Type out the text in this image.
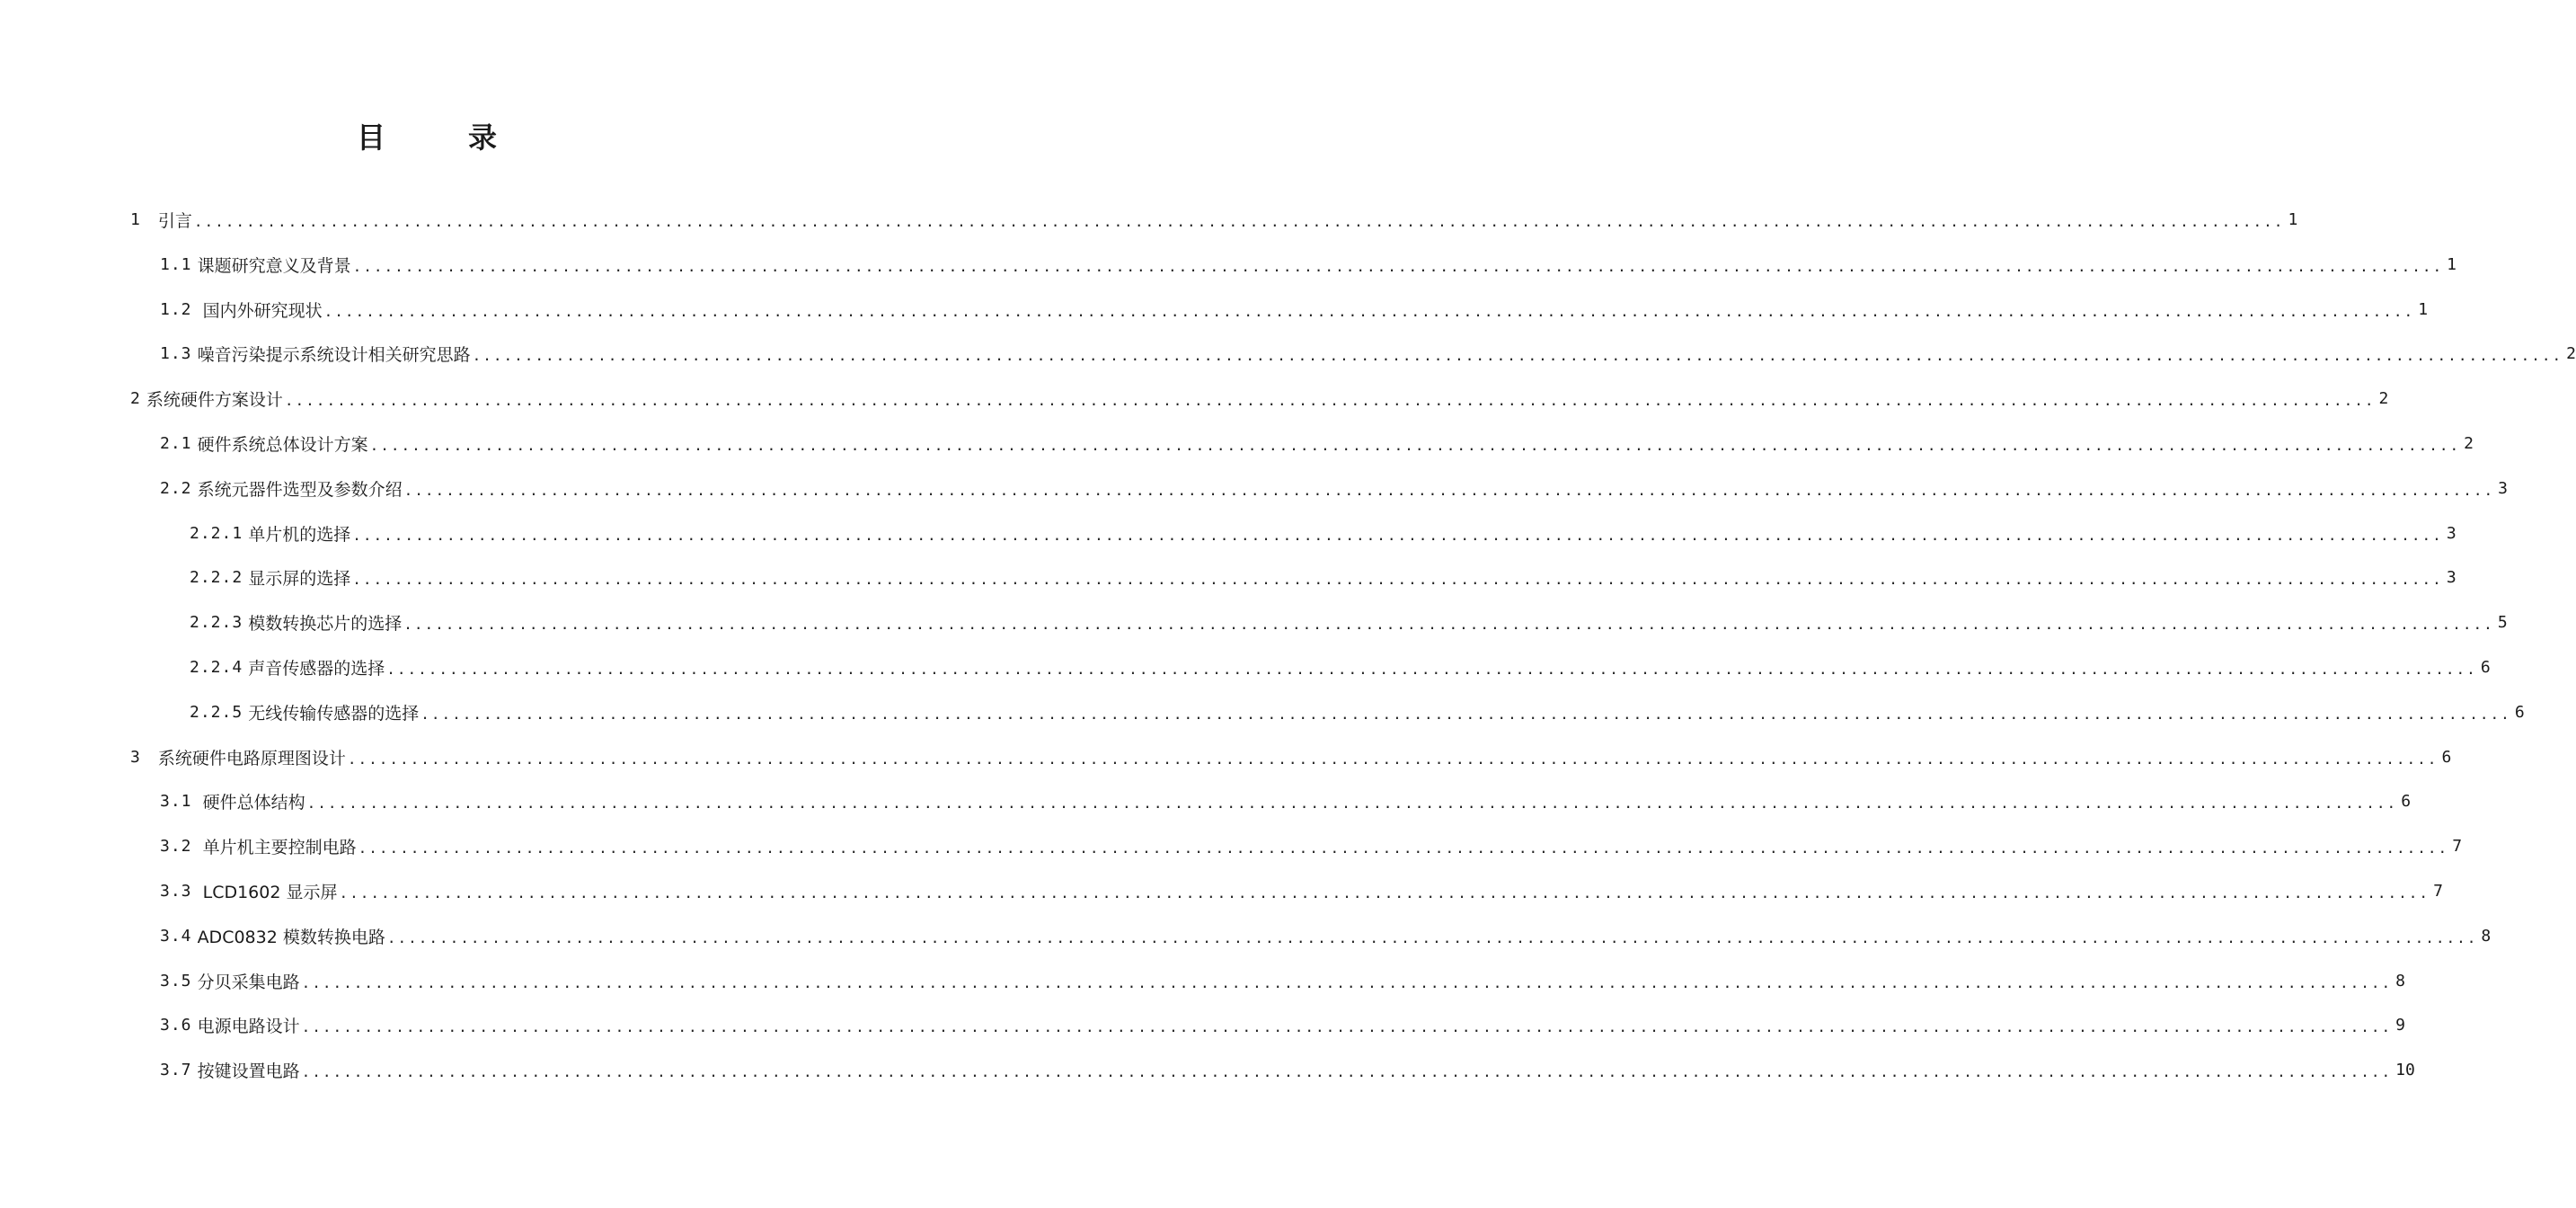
目　录
1
　 引言 ........................................................................................................................................................................................................ 1
1.1
课题研究意义及背景 ........................................................................................................................................................................................................ 1
1.2
国内外研究现状 ........................................................................................................................................................................................................ 1
1.3
噪音污染提示系统设计相关研究思路 ........................................................................................................................................................................................................ 2
2
系统硬件方案设计 ........................................................................................................................................................................................................ 2
2.1
硬件系统总体设计方案 ........................................................................................................................................................................................................ 2
2.2
系统元器件选型及参数介绍 ........................................................................................................................................................................................................ 3
2.2.1
单片机的选择 ........................................................................................................................................................................................................ 3
2.2.2
显示屏的选择 ........................................................................................................................................................................................................ 3
2.2.3
模数转换芯片的选择 ........................................................................................................................................................................................................ 5
2.2.4
声音传感器的选择 ........................................................................................................................................................................................................ 6
2.2.5
无线传输传感器的选择 ........................................................................................................................................................................................................ 6
3
　 系统硬件电路原理图设计 ........................................................................................................................................................................................................ 6
3.1
硬件总体结构 ........................................................................................................................................................................................................ 6
3.2
单片机主要控制电路 ........................................................................................................................................................................................................ 7
3.3
LCD1602 显示屏 ........................................................................................................................................................................................................ 7
3.4
ADC0832 模数转换电路 ........................................................................................................................................................................................................ 8
3.5
分贝采集电路 ........................................................................................................................................................................................................ 8
3.6
电源电路设计 ........................................................................................................................................................................................................ 9
3.7
按键设置电路 ........................................................................................................................................................................................................ 10
